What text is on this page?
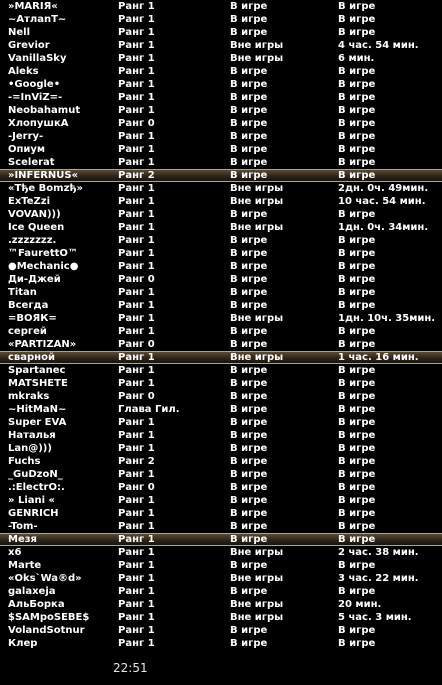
»MARIЯ«	Ранг 1	В игре	В игре
~АтлanТ~	Ранг 1	В игре	В игре
Nell	Ранг 1	В игре	В игре
Grevior	Ранг 1	Вне игры	4 час. 54 мин.
VanillaSky	Ранг 1	Вне игры	6 мин.
Aleks	Ранг 1	В игре	В игре
•Google•	Ранг 1	В игре	В игре
-=InViZ=-	Ранг 1	В игре	В игре
Neobahamut	Ранг 1	В игре	В игре
ХлопушкА	Ранг 0	В игре	В игре
-Jerry-	Ранг 1	В игре	В игре
Опиум	Ранг 1	В игре	В игре
Scelerat	Ранг 1	В игре	В игре
»INFERNUS«	Ранг 2	В игре	В игре
«Tђe Bomzђ»	Ранг 1	Вне игры	2дн. 0ч. 49мин.
ExTeZzi	Ранг 1	Вне игры	10 час. 54 мин.
VOVAN)))	Ранг 1	В игре	В игре
Ice Queen	Ранг 1	Вне игры	1дн. 0ч. 34мин.
.zzzzzzz.	Ранг 1	В игре	В игре
™FaurettO™	Ранг 1	В игре	В игре
●Mechanic●	Ранг 1	В игре	В игре
Ди-Джей	Ранг 0	В игре	В игре
Titan	Ранг 1	В игре	В игре
Всегда	Ранг 1	В игре	В игре
=ВОЯК=	Ранг 1	Вне игры	1дн. 10ч. 35мин.
сергей	Ранг 1	В игре	В игре
«PARTIZAN»	Ранг 0	В игре	В игре
сварной	Ранг 1	Вне игры	1 час. 16 мин.
Spartanec	Ранг 1	В игре	В игре
MATSHETE	Ранг 1	В игре	В игре
mkraks	Ранг 0	В игре	В игре
~HitMaN~	Глава Гил.	В игре	В игре
Super EVA	Ранг 1	В игре	В игре
Наталья	Ранг 1	В игре	В игре
Lan@)))	Ранг 1	В игре	В игре
Fuchs	Ранг 2	В игре	В игре
_GuDzoN_	Ранг 1	В игре	В игре
.:ElectrO:.	Ранг 0	В игре	В игре
» Liani «	Ранг 1	В игре	В игре
GENRICH	Ранг 1	В игре	В игре
-Tom-	Ранг 1	В игре	В игре
Мезя	Ранг 1	В игре	В игре
x6	Ранг 1	Вне игры	2 час. 38 мин.
Marte	Ранг 1	В игре	В игре
«Oks`Wa®d»	Ранг 1	Вне игры	3 час. 22 мин.
galaxeja	Ранг 1	В игре	В игре
АльБорка	Ранг 1	Вне игры	20 мин.
$SAMpoSEBE$	Ранг 1	Вне игры	5 час. 3 мин.
VolandSotnur	Ранг 1	В игре	В игре
Клер	Ранг 1	В игре	В игре
22:51
